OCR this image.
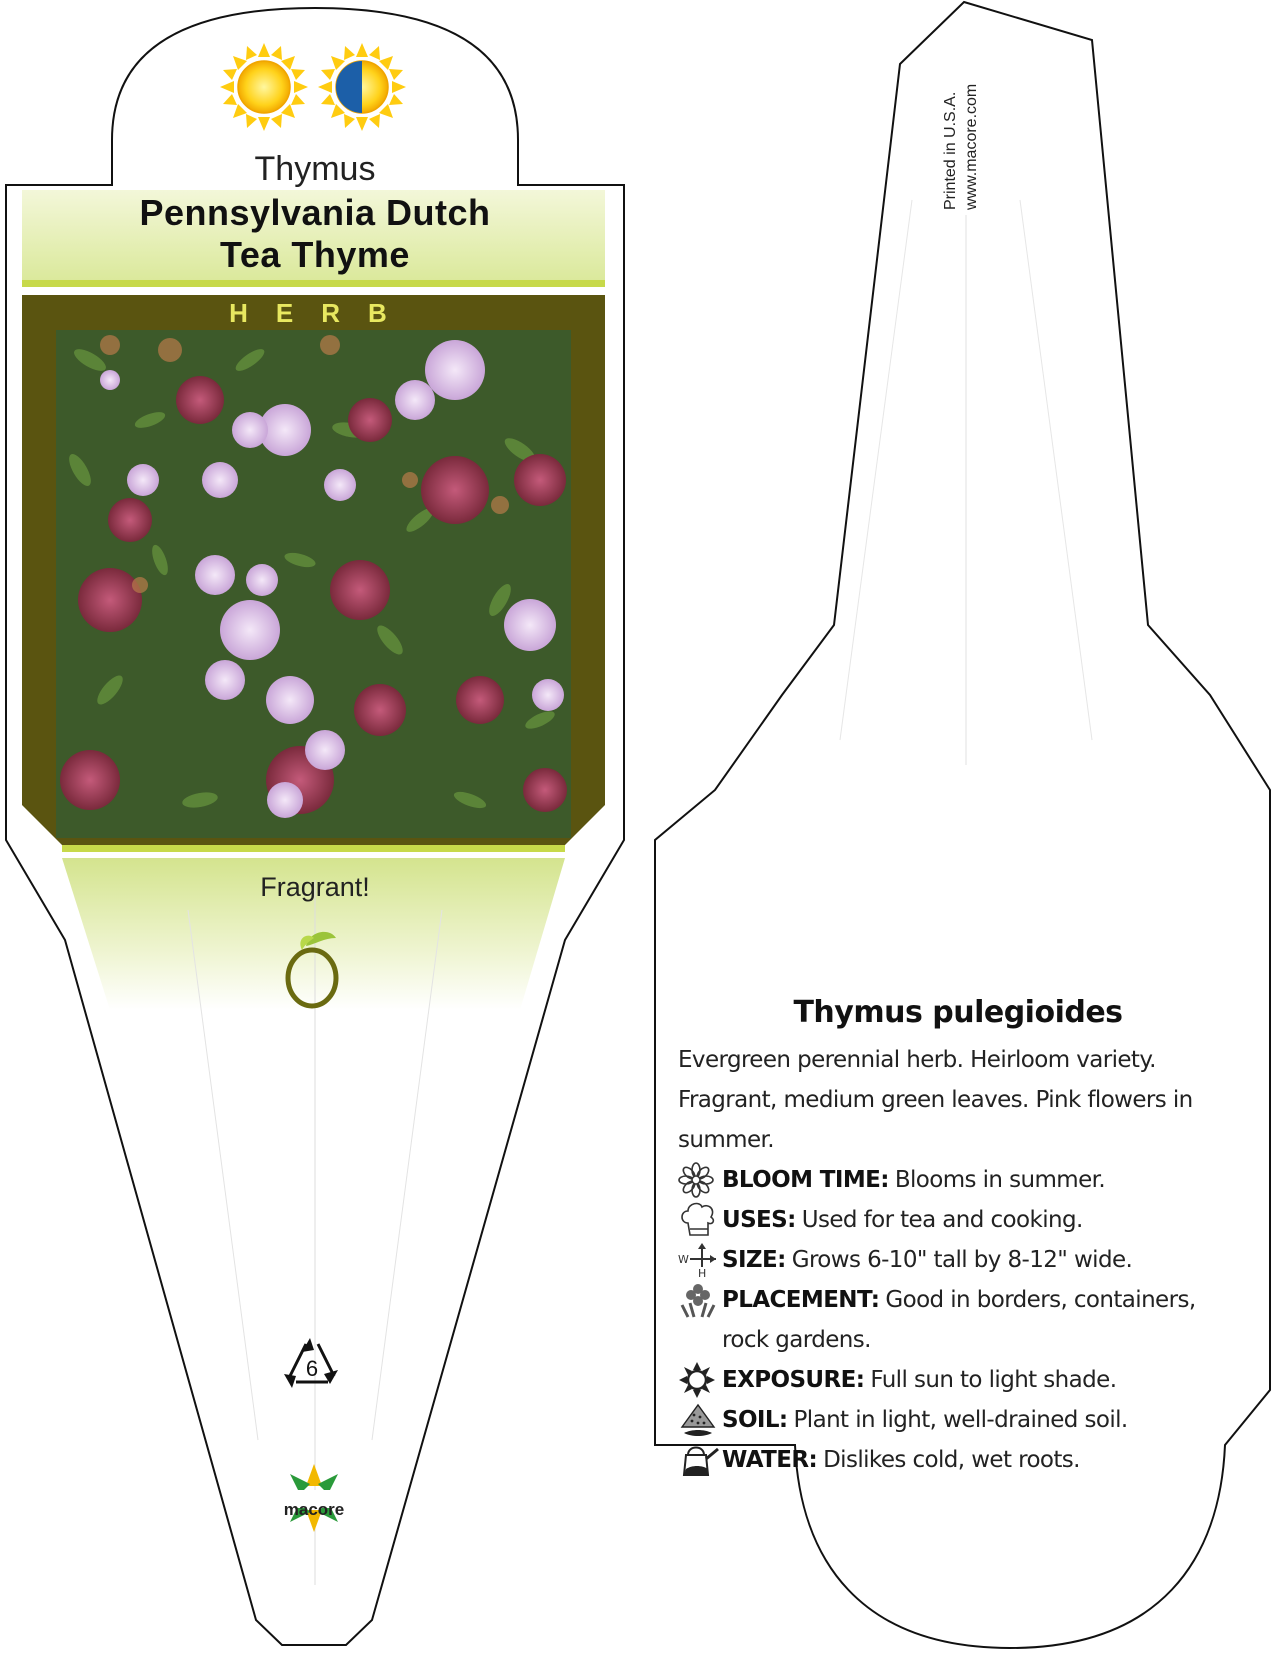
Thymus
Pennsylvania Dutch
Tea Thyme
HERB
Fragrant!
6
macore
Printed in U.S.A. www.macore.com
Thymus pulegioides
Evergreen perennial herb. Heirloom variety. Fragrant, medium green leaves. Pink flowers in summer.
BLOOM TIME: Blooms in summer.
USES: Used for tea and cooking.
W
H
SIZE: Grows 6-10" tall by 8-12" wide.
PLACEMENT: Good in borders, containers, rock gardens.
EXPOSURE: Full sun to light shade.
SOIL: Plant in light, well-drained soil.
WATER: Dislikes cold, wet roots.
